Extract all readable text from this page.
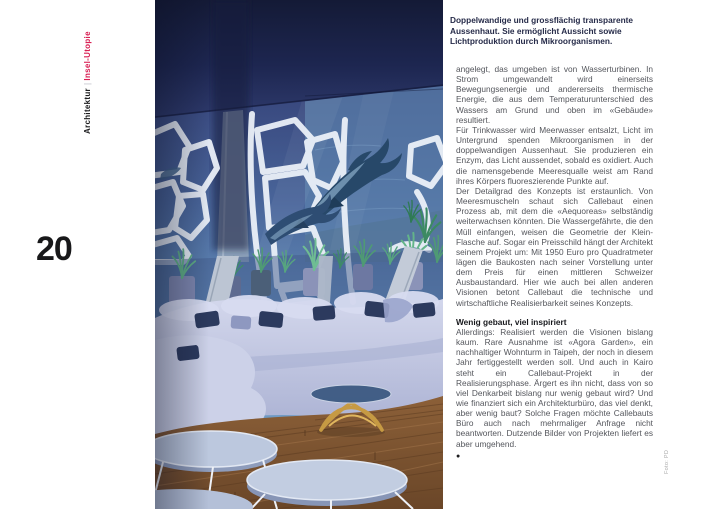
Architektur | Insel-Utopie
20

Doppelwandige und grossflächig transparente Aussenhaut. Sie ermöglicht Aussicht sowie Lichtproduktion durch Mikroorganismen.

angelegt, das umgeben ist von Wasserturbinen. In Strom umgewandelt wird einerseits Bewegungsenergie und andererseits thermische Energie, die aus dem Temperaturunterschied des Wassers am Grund und oben im «Gebäude» resultiert.

Für Trinkwasser wird Meerwasser entsalzt, Licht im Untergrund spenden Mikroorganismen in der doppelwandigen Aussenhaut. Sie produzieren ein Enzym, das Licht aussendet, sobald es oxidiert. Auch die namensgebende Meeresqualle weist am Rand ihres Körpers fluoreszierende Punkte auf.

Der Detailgrad des Konzepts ist erstaunlich. Von Meeresmuscheln schaut sich Callebaut einen Prozess ab, mit dem die «Aequoreas» selbständig weiterwachsen könnten. Die Wassergefährte, die den Müll einfangen, weisen die Geometrie der Klein-Flasche auf. Sogar ein Preisschild hängt der Architekt seinem Projekt um: Mit 1950 Euro pro Quadratmeter lägen die Baukosten nach seiner Vorstellung unter dem Preis für einen mittleren Schweizer Ausbaustandard. Hier wie auch bei allen anderen Visionen betont Callebaut die technische und wirtschaftliche Realisierbarkeit seines Konzepts.

Wenig gebaut, viel inspiriert

Allerdings: Realisiert werden die Visionen bislang kaum. Rare Ausnahme ist «Agora Garden», ein nachhaltiger Wohnturm in Taipeh, der noch in diesem Jahr fertiggestellt werden soll. Und auch in Kairo steht ein Callebaut-Projekt in der Realisierungsphase. Ärgert es ihn nicht, dass von so viel Denkarbeit bislang nur wenig gebaut wird? Und wie finanziert sich ein Architekturbüro, das viel denkt, aber wenig baut? Solche Fragen möchte Callebauts Büro auch nach mehrmaliger Anfrage nicht beantworten. Dutzende Bilder von Projekten liefert es aber umgehend.

●	Foto: PD
